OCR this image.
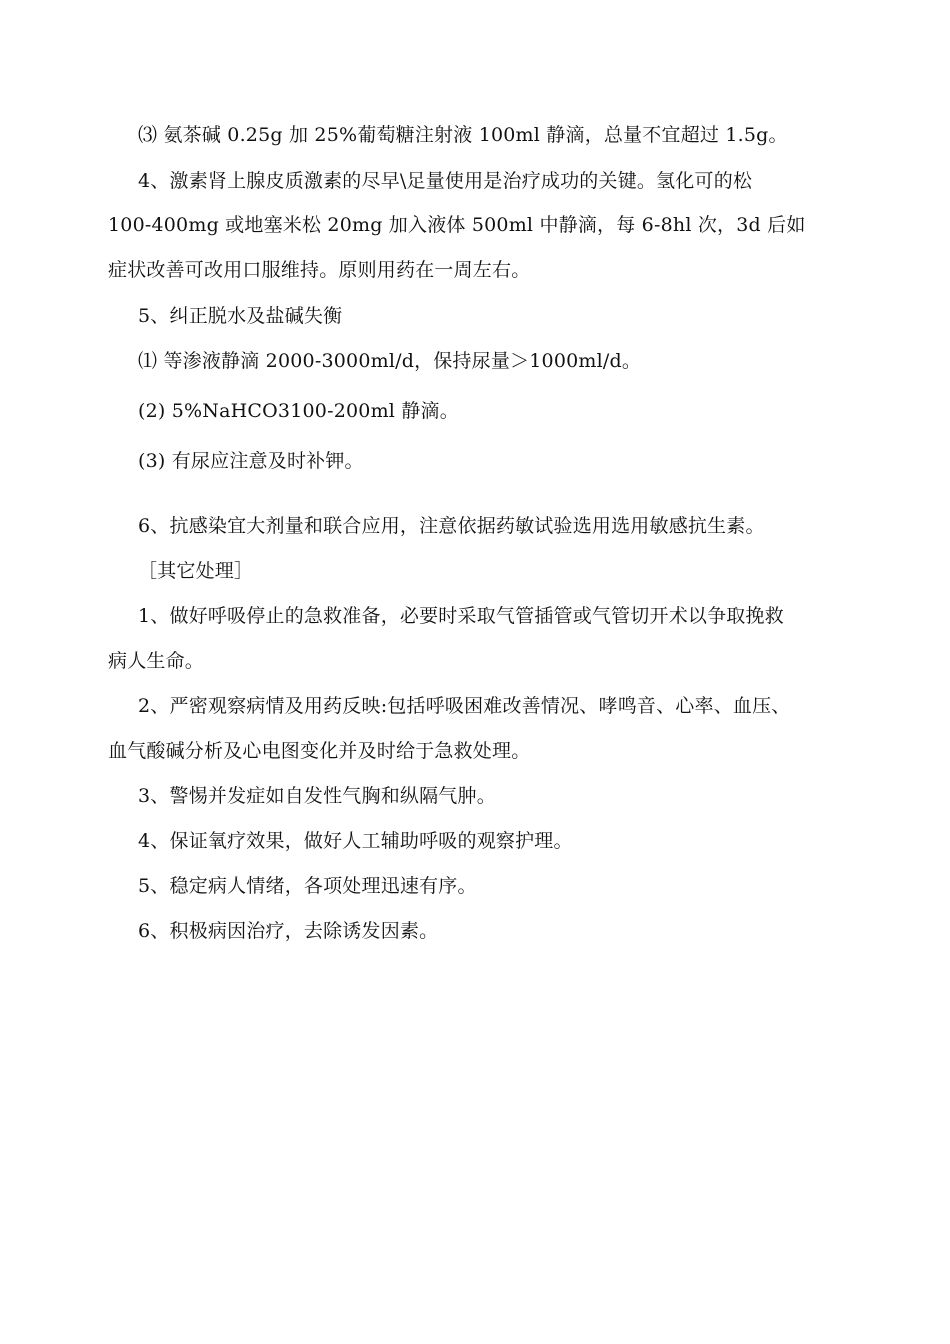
⑶ 氨茶碱 0.25g 加 25%葡萄糖注射液 100ml 静滴，总量不宜超过 1.5g。
4、激素肾上腺皮质激素的尽早\足量使用是治疗成功的关键。氢化可的松
100-400mg 或地塞米松 20mg 加入液体 500ml 中静滴，每 6-8hl 次，3d 后如
症状改善可改用口服维持。原则用药在一周左右。
5、纠正脱水及盐碱失衡
⑴ 等渗液静滴 2000-3000ml/d，保持尿量＞1000ml/d。
(2) 5%NaHCO3100-200ml 静滴。
(3) 有尿应注意及时补钾。
6、抗感染宜大剂量和联合应用，注意依据药敏试验选用选用敏感抗生素。
［其它处理］
1、做好呼吸停止的急救准备，必要时采取气管插管或气管切开术以争取挽救
病人生命。
2、严密观察病情及用药反映:包括呼吸困难改善情况、哮鸣音、心率、血压、
血气酸碱分析及心电图变化并及时给于急救处理。
3、警惕并发症如自发性气胸和纵隔气肿。
4、保证氧疗效果，做好人工辅助呼吸的观察护理。
5、稳定病人情绪，各项处理迅速有序。
6、积极病因治疗，去除诱发因素。
